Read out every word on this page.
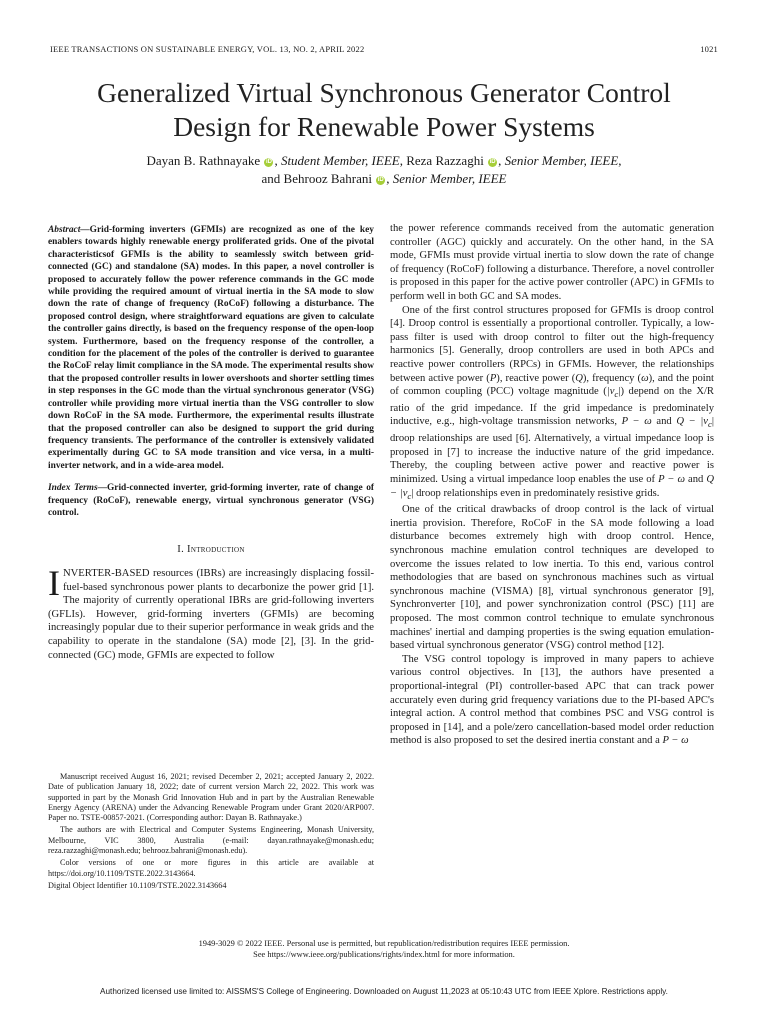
IEEE TRANSACTIONS ON SUSTAINABLE ENERGY, VOL. 13, NO. 2, APRIL 2022	1021
Generalized Virtual Synchronous Generator Control
Design for Renewable Power Systems
Dayan B. Rathnayake iD , Student Member, IEEE, Reza Razzaghi iD , Senior Member, IEEE,
and Behrooz Bahrani iD , Senior Member, IEEE

Abstract—Grid-forming inverters (GFMIs) are recognized as one of the key enablers towards highly renewable energy proliferated grids. One of the pivotal characteristicsof GFMIs is the ability to seamlessly switch between grid-connected (GC) and standalone (SA) modes. In this paper, a novel controller is proposed to accurately follow the power reference commands in the GC mode while providing the required amount of virtual inertia in the SA mode to slow down the rate of change of frequency (RoCoF) following a disturbance. The proposed control design, where straightforward equations are given to calculate the controller gains directly, is based on the frequency response of the open-loop system. Furthermore, based on the frequency response of the controller, a condition for the placement of the poles of the controller is derived to guarantee the RoCoF relay limit compliance in the SA mode. The experimental results show that the proposed controller results in lower overshoots and shorter settling times in step responses in the GC mode than the virtual synchronous generator (VSG) controller while providing more virtual inertia than the VSG controller to slow down RoCoF in the SA mode. Furthermore, the experimental results illustrate that the proposed controller can also be designed to support the grid during frequency transients. The performance of the controller is extensively validated experimentally during GC to SA mode transition and vice versa, in a multi-inverter network, and in a wide-area model.

Index Terms—Grid-connected inverter, grid-forming inverter, rate of change of frequency (RoCoF), renewable energy, virtual synchronous generator (VSG) control.

I. Introduction

INVERTER-BASED resources (IBRs) are increasingly displacing fossil-fuel-based synchronous power plants to decarbonize the power grid [1]. The majority of currently operational IBRs are grid-following inverters (GFLIs). However, grid-forming inverters (GFMIs) are becoming increasingly popular due to their superior performance in weak grids and the capability to operate in the standalone (SA) mode [2], [3]. In the grid-connected (GC) mode, GFMIs are expected to follow

Manuscript received August 16, 2021; revised December 2, 2021; accepted January 2, 2022. Date of publication January 18, 2022; date of current version March 22, 2022. This work was supported in part by the Monash Grid Innovation Hub and in part by the Australian Renewable Energy Agency (ARENA) under the Advancing Renewable Program under Grant 2020/ARP007. Paper no. TSTE-00857-2021. (Corresponding author: Dayan B. Rathnayake.)

The authors are with Electrical and Computer Systems Engineering, Monash University, Melbourne, VIC 3800, Australia (e-mail: dayan.rathnayake@monash.edu; reza.razzaghi@monash.edu; behrooz.bahrani@monash.edu).

Color versions of one or more figures in this article are available at https://doi.org/10.1109/TSTE.2022.3143664.

Digital Object Identifier 10.1109/TSTE.2022.3143664

the power reference commands received from the automatic generation controller (AGC) quickly and accurately. On the other hand, in the SA mode, GFMIs must provide virtual inertia to slow down the rate of change of frequency (RoCoF) following a disturbance. Therefore, a novel controller is proposed in this paper for the active power controller (APC) in GFMIs to perform well in both GC and SA modes.

One of the first control structures proposed for GFMIs is droop control [4]. Droop control is essentially a proportional controller. Typically, a low-pass filter is used with droop control to filter out the high-frequency harmonics [5]. Generally, droop controllers are used in both APCs and reactive power controllers (RPCs) in GFMIs. However, the relationships between active power (P), reactive power (Q), frequency (ω), and the point of common coupling (PCC) voltage magnitude $(|v_c|)$ depend on the X/R ratio of the grid impedance. If the grid impedance is predominately inductive, e.g., high-voltage transmission networks, P − ω and $Q - |v_c|$ droop relationships are used [6]. Alternatively, a virtual impedance loop is proposed in [7] to increase the inductive nature of the grid impedance. Thereby, the coupling between active power and reactive power is minimized. Using a virtual impedance loop enables the use of P − ω and $Q - |v_c|$ droop relationships even in predominately resistive grids.

One of the critical drawbacks of droop control is the lack of virtual inertia provision. Therefore, RoCoF in the SA mode following a load disturbance becomes extremely high with droop control. Hence, synchronous machine emulation control techniques are developed to overcome the issues related to low inertia. To this end, various control methodologies that are based on synchronous machines such as virtual synchronous machine (VISMA) [8], virtual synchronous generator [9], Synchronverter [10], and power synchronization control (PSC) [11] are proposed. The most common control technique to emulate synchronous machines' inertial and damping properties is the swing equation emulation-based virtual synchronous generator (VSG) control method [12].

The VSG control topology is improved in many papers to achieve various control objectives. In [13], the authors have presented a proportional-integral (PI) controller-based APC that can track power accurately even during grid frequency variations due to the PI-based APC's integral action. A control method that combines PSC and VSG control is proposed in [14], and a pole/zero cancellation-based model order reduction method is also proposed to set the desired inertia constant and a P − ω

1949-3029 © 2022 IEEE. Personal use is permitted, but republication/redistribution requires IEEE permission.
See https://www.ieee.org/publications/rights/index.html for more information.
Authorized licensed use limited to: AISSMS'S College of Engineering. Downloaded on August 11,2023 at 05:10:43 UTC from IEEE Xplore. Restrictions apply.
